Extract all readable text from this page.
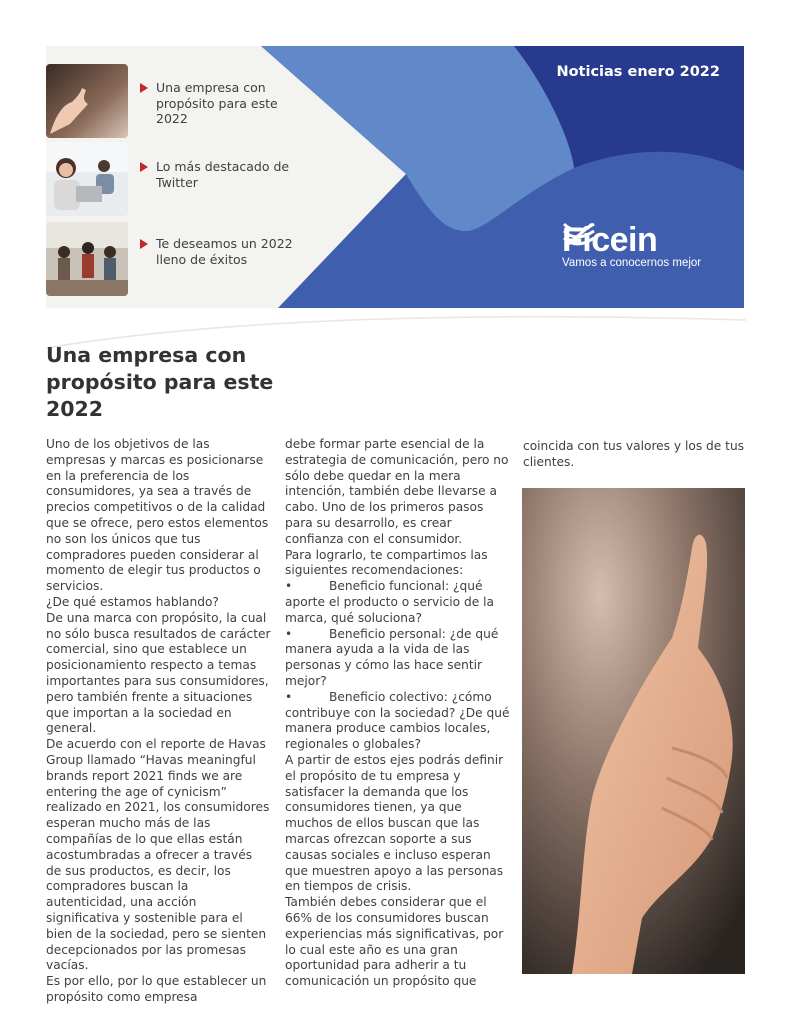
Una empresa con propósito para este 2022
Lo más destacado de Twitter
Te deseamos un 2022 lleno de éxitos
Noticias enero 2022
Ficein
Vamos a conocernos mejor
Una empresa con propósito para este 2022

Uno de los objetivos de las empresas y marcas es posicionarse en la preferencia de los consumidores, ya sea a través de precios competitivos o de la calidad que se ofrece, pero estos elementos no son los únicos que tus compradores pueden considerar al momento de elegir tus productos o servicios.

¿De qué estamos hablando?

De una marca con propósito, la cual no sólo busca resultados de carácter comercial, sino que establece un posicionamiento respecto a temas importantes para sus consumidores, pero también frente a situaciones que importan a la sociedad en general.

De acuerdo con el reporte de Havas Group llamado “Havas meaningful brands report 2021 finds we are entering the age of cynicism” realizado en 2021, los consumidores esperan mucho más de las compañías de lo que ellas están acostumbradas a ofrecer a través de sus productos, es decir, los compradores buscan la autenticidad, una acción significativa y sostenible para el bien de la sociedad, pero se sienten decepcionados por las promesas vacías.

Es por ello, por lo que establecer un propósito como empresa

debe formar parte esencial de la estrategia de comunicación, pero no sólo debe quedar en la mera intención, también debe llevarse a cabo. Uno de los primeros pasos para su desarrollo, es crear confianza con el consumidor.

Para lograrlo, te compartimos las siguientes recomendaciones:

•	Beneficio funcional: ¿qué aporte el producto o servicio de la marca, qué soluciona?

•	Beneficio personal: ¿de qué manera ayuda a la vida de las personas y cómo las hace sentir mejor?

•	Beneficio colectivo: ¿cómo contribuye con la sociedad? ¿De qué manera produce cambios locales, regionales o globales?

A partir de estos ejes podrás definir el propósito de tu empresa y satisfacer la demanda que los consumidores tienen, ya que muchos de ellos buscan que las marcas ofrezcan soporte a sus causas sociales e incluso esperan que muestren apoyo a las personas en tiempos de crisis.

También debes considerar que el 66% de los consumidores buscan experiencias más significativas, por lo cual este año es una gran oportunidad para adherir a tu comunicación un propósito que

coincida con tus valores y los de tus clientes.
